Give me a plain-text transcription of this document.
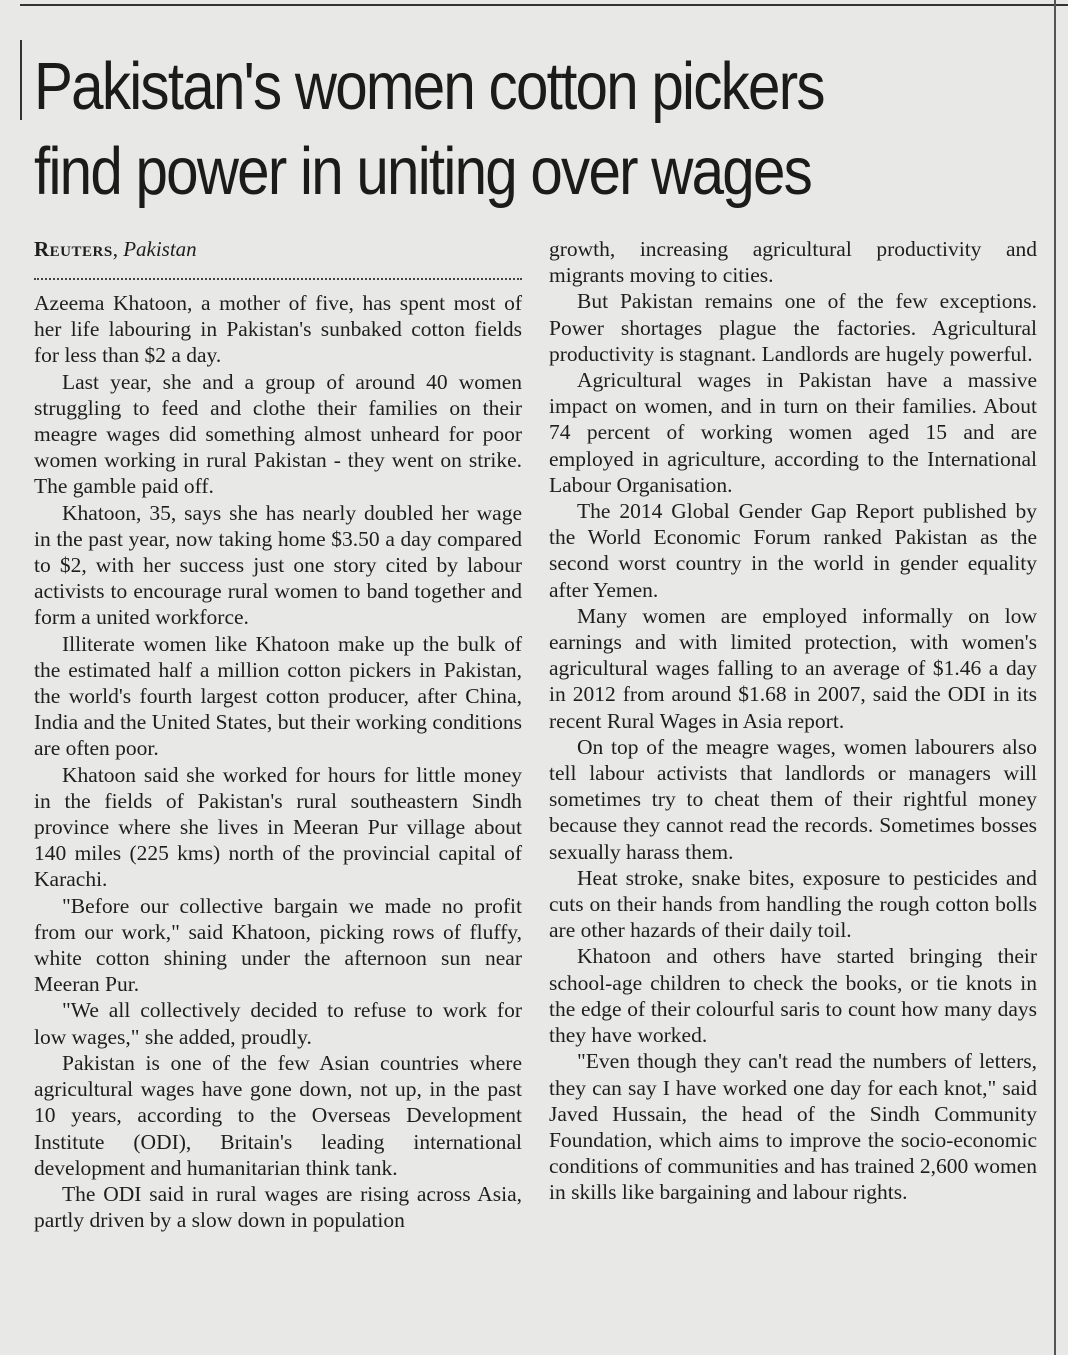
Pakistan's women cotton pickers find power in uniting over wages
Reuters, Pakistan

Azeema Khatoon, a mother of five, has spent most of her life labouring in Pakistan's sunbaked cotton fields for less than $2 a day.

Last year, she and a group of around 40 women struggling to feed and clothe their families on their meagre wages did something almost unheard for poor women working in rural Pakistan - they went on strike. The gamble paid off.

Khatoon, 35, says she has nearly doubled her wage in the past year, now taking home $3.50 a day compared to $2, with her success just one story cited by labour activists to encourage rural women to band together and form a united workforce.

Illiterate women like Khatoon make up the bulk of the estimated half a million cotton pickers in Pakistan, the world's fourth largest cotton producer, after China, India and the United States, but their working conditions are often poor.

Khatoon said she worked for hours for little money in the fields of Pakistan's rural southeastern Sindh province where she lives in Meeran Pur village about 140 miles (225 kms) north of the provincial capital of Karachi.

"Before our collective bargain we made no profit from our work," said Khatoon, picking rows of fluffy, white cotton shining under the afternoon sun near Meeran Pur.

"We all collectively decided to refuse to work for low wages," she added, proudly.

Pakistan is one of the few Asian countries where agricultural wages have gone down, not up, in the past 10 years, according to the Overseas Development Institute (ODI), Britain's leading international development and humanitarian think tank.

The ODI said in rural wages are rising across Asia, partly driven by a slow down in population

growth, increasing agricultural productivity and migrants moving to cities.

But Pakistan remains one of the few exceptions. Power shortages plague the factories. Agricultural productivity is stagnant. Landlords are hugely powerful.

Agricultural wages in Pakistan have a massive impact on women, and in turn on their families. About 74 percent of working women aged 15 and are employed in agriculture, according to the International Labour Organisation.

The 2014 Global Gender Gap Report published by the World Economic Forum ranked Pakistan as the second worst country in the world in gender equality after Yemen.

Many women are employed informally on low earnings and with limited protection, with women's agricultural wages falling to an average of $1.46 a day in 2012 from around $1.68 in 2007, said the ODI in its recent Rural Wages in Asia report.

On top of the meagre wages, women labourers also tell labour activists that landlords or managers will sometimes try to cheat them of their rightful money because they cannot read the records. Sometimes bosses sexually harass them.

Heat stroke, snake bites, exposure to pesticides and cuts on their hands from handling the rough cotton bolls are other hazards of their daily toil.

Khatoon and others have started bringing their school-age children to check the books, or tie knots in the edge of their colourful saris to count how many days they have worked.

"Even though they can't read the numbers of letters, they can say I have worked one day for each knot," said Javed Hussain, the head of the Sindh Community Foundation, which aims to improve the socio-economic conditions of communities and has trained 2,600 women in skills like bargaining and labour rights.
